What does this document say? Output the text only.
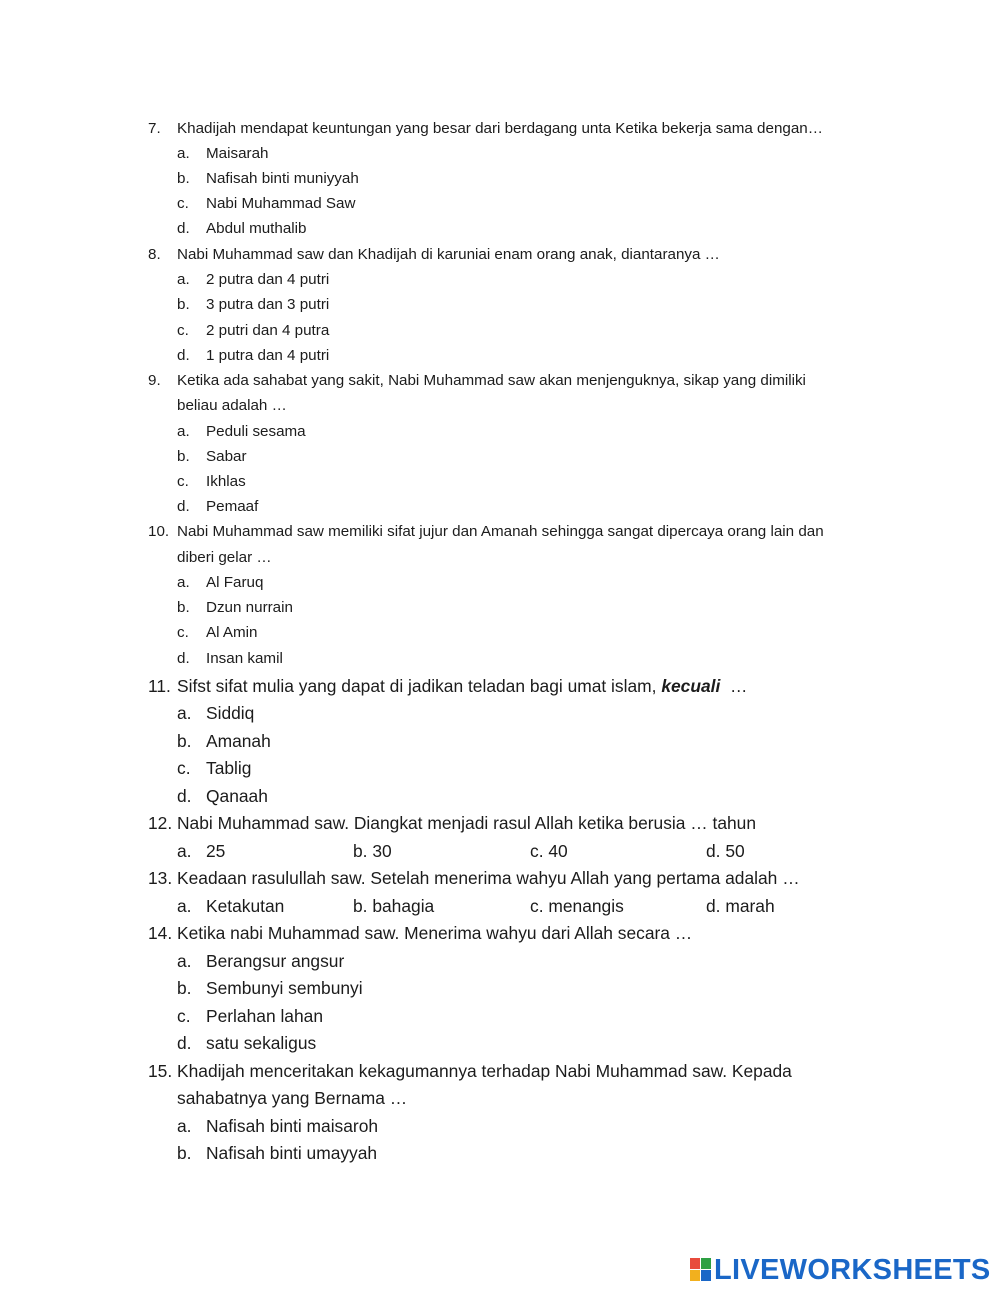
7. Khadijah mendapat keuntungan yang besar dari berdagang unta Ketika bekerja sama dengan…
a. Maisarah
b. Nafisah binti muniyyah
c. Nabi Muhammad Saw
d. Abdul muthalib
8. Nabi Muhammad saw dan Khadijah di karuniai enam orang anak, diantaranya …
a. 2 putra dan 4 putri
b. 3 putra dan 3 putri
c. 2 putri dan 4 putra
d. 1 putra dan 4 putri
9. Ketika ada sahabat yang sakit, Nabi Muhammad saw akan menjenguknya, sikap yang dimiliki
beliau adalah …
a. Peduli sesama
b. Sabar
c. Ikhlas
d. Pemaaf
10. Nabi Muhammad saw memiliki sifat jujur dan Amanah sehingga sangat dipercaya orang lain dan
diberi gelar …
a. Al Faruq
b. Dzun nurrain
c. Al Amin
d. Insan kamil
11. Sifst sifat mulia yang dapat di jadikan teladan bagi umat islam, kecuali …
a. Siddiq
b. Amanah
c. Tablig
d. Qanaah
12. Nabi Muhammad saw. Diangkat menjadi rasul Allah ketika berusia … tahun
a. 25	b. 30	c. 40	d. 50
13. Keadaan rasulullah saw. Setelah menerima wahyu Allah yang pertama adalah …
a. Ketakutan	b. bahagia	c. menangis	d. marah
14. Ketika nabi Muhammad saw. Menerima wahyu dari Allah secara …
a. Berangsur angsur
b. Sembunyi sembunyi
c. Perlahan lahan
d. satu sekaligus
15. Khadijah menceritakan kekagumannya terhadap Nabi Muhammad saw. Kepada
sahabatnya yang Bernama …
a. Nafisah binti maisaroh
b. Nafisah binti umayyah
LIVEWORKSHEETS
